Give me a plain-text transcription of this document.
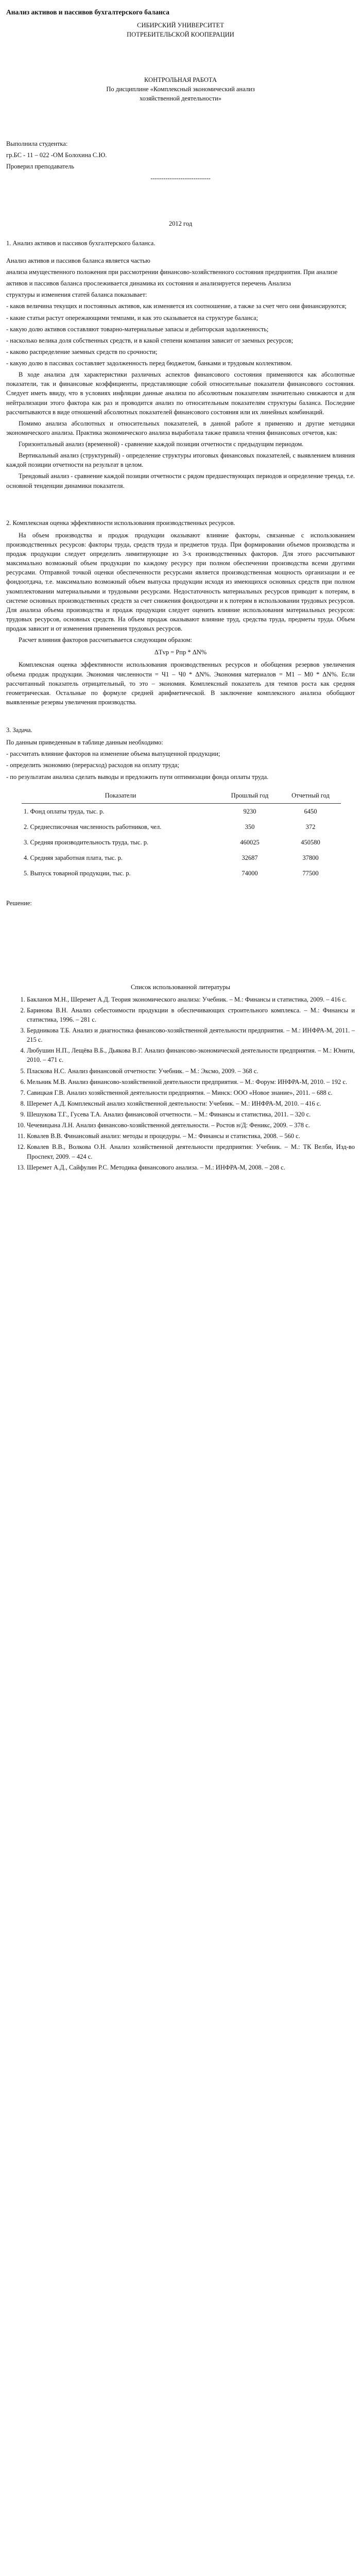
Анализ активов и пассивов бухгалтерского баланса
СИБИРСКИЙ УНИВЕРСИТЕТ
ПОТРЕБИТЕЛЬСКОЙ КООПЕРАЦИИ
КОНТРОЛЬНАЯ РАБОТА
По дисциплине «Комплексный экономический анализ
хозяйственной деятельности»
Выполнила студентка:
гр.БС - 11 – 022 -ОМ Болохина С.Ю.
Проверил преподаватель
----------------------------
2012 год
1. Анализ активов и пассивов бухгалтерского баланса.
Анализ активов и пассивов баланса является частью
анализа имущественного положения при рассмотрении финансово-хозяйственного состояния предприятия. При анализе
активов и пассивов баланса прослеживается динамика их состояния и анализируется перечень Анализа
структуры и изменения статей баланса показывает:
- каков величина текущих и постоянных активов, как изменяется их соотношение, а также за счет чего они финансируются;
- какие статьи растут опережающими темпами, и как это сказывается на структуре баланса;
- какую долю активов составляют товарно-материальные запасы и дебиторская задолженность;
- насколько велика доля собственных средств, и в какой степени компания зависит от заемных ресурсов;
- каково распределение заемных средств по срочности;
- какую долю в пассивах составляет задолженность перед бюджетом, банками и трудовым коллективом.
В ходе анализа для характеристики различных аспектов финансового состояния применяются как абсолютные показатели, так и финансовые коэффициенты, представляющие собой относительные показатели финансового состояния. Следует иметь ввиду, что в условиях инфляции данные анализа по абсолютным показателям значительно снижаются и для нейтрализации этого фактора как раз и проводится анализ по относительным показателям структуры баланса. Последние рассчитываются в виде отношений абсолютных показателей финансового состояния или их линейных комбинаций.
Помимо анализа абсолютных и относительных показателей, в данной работе я применяю и другие методики экономического анализа. Практика экономического анализа выработала также правила чтения финансовых отчетов, как:
Горизонтальный анализ (временной) - сравнение каждой позиции отчетности с предыдущим периодом.
Вертикальный анализ (структурный) - определение структуры итоговых финансовых показателей, с выявлением влияния каждой позиции отчетности на результат в целом.
Трендовый анализ - сравнение каждой позиции отчетности с рядом предшествующих периодов и определение тренда, т.е. основной тенденции динамики показателя.
2. Комплексная оценка эффективности использования производственных ресурсов.
На объем производства и продаж продукции оказывают влияние факторы, связанные с использованием производственных ресурсов: факторы труда, средств труда и предметов труда. При формировании объемов производства и продаж продукции следует определить лимитирующие из 3-х производственных факторов. Для этого рассчитывают максимально возможный объем продукции по каждому ресурсу при полном обеспечении производства всеми другими ресурсами. Отправной точкой оценки обеспеченности ресурсами является производственная мощность организации и ее фондоотдача, т.е. максимально возможный объем выпуска продукции исходя из имеющихся основных средств при полном укомплектовании материальными и трудовыми ресурсами. Недостаточность материальных ресурсов приводит к потерям, в системе основных производственных средств за счет снижения фондоотдачи и к потерям в использовании трудовых ресурсов. Для анализа объема производства и продаж продукции следует оценить влияние использования материальных ресурсов: трудовых ресурсов, основных средств. На объем продаж оказывают влияние труд, средства труда, предметы труда. Объем продаж зависит и от изменения применения трудовых ресурсов.
Расчет влияния факторов рассчитывается следующим образом:
ΔTvp = Pпр * ΔN%
Комплексная оценка эффективности использования производственных ресурсов и обобщения резервов увеличения объема продаж продукции. Экономия численности = Ч1 – Ч0 * ΔN%. Экономия материалов = М1 – М0 * ΔN%. Если рассчитанный показатель отрицательный, то это – экономия. Комплексный показатель для темпов роста как средняя геометрическая. Остальные по формуле средней арифметической. В заключение комплексного анализа обобщают выявленные резервы увеличения производства.
3. Задача.
По данным приведенным в таблице данным необходимо:
- рассчитать влияние факторов на изменение объема выпущенной продукции;
- определить экономию (перерасход) расходов на оплату труда;
- по результатам анализа сделать выводы и предложить пути оптимизации фонда оплаты труда.
Показатели	Прошлый год	Отчетный год
1. Фонд оплаты труда, тыс. р.	9230	6450
2. Среднесписочная численность работников, чел.	350	372
3. Средняя производительность труда, тыс. р.	460025	450580
4. Средняя заработная плата, тыс. р.	32687	37800
5. Выпуск товарной продукции, тыс. р.	74000	77500
Решение:
Список использованной литературы
1. Бакланов М.Н., Шеремет А.Д. Теория экономического анализа: Учебник. – М.: Финансы и статистика, 2009. – 416 с.
2. Баринова В.Н. Анализ себестоимости продукции в обеспечивающих строительного комплекса. – М.: Финансы и статистика, 1996. – 281 с.
3. Бердникова Т.Б. Анализ и диагностика финансово-хозяйственной деятельности предприятия. – М.: ИНФРА-М, 2011. – 215 с.
4. Любушин Н.П., Лещёва В.Б., Дьякова В.Г. Анализ финансово-экономической деятельности предприятия. – М.: Юнити, 2010. – 471 с.
5. Пласкова Н.С. Анализ финансовой отчетности: Учебник. – М.: Эксмо, 2009. – 368 с.
6. Мельник М.В. Анализ финансово-хозяйственной деятельности предприятия. – М.: Форум: ИНФРА-М, 2010. – 192 с.
7. Савицкая Г.В. Анализ хозяйственной деятельности предприятия. – Минск: ООО «Новое знание», 2011. – 688 с.
8. Шеремет А.Д. Комплексный анализ хозяйственной деятельности: Учебник. – М.: ИНФРА-М, 2010. – 416 с.
9. Шешукова Т.Г., Гусева Т.А. Анализ финансовой отчетности. – М.: Финансы и статистика, 2011. – 320 с.
10. Чечевицына Л.Н. Анализ финансово-хозяйственной деятельности. – Ростов н/Д: Феникс, 2009. – 378 с.
11. Ковалев В.В. Финансовый анализ: методы и процедуры. – М.: Финансы и статистика, 2008. – 560 с.
12. Ковалев В.В., Волкова О.Н. Анализ хозяйственной деятельности предприятия: Учебник. – М.: ТК Велби, Изд-во Проспект, 2009. – 424 с.
13. Шеремет А.Д., Сайфулин Р.С. Методика финансового анализа. – М.: ИНФРА-М, 2008. – 208 с.
